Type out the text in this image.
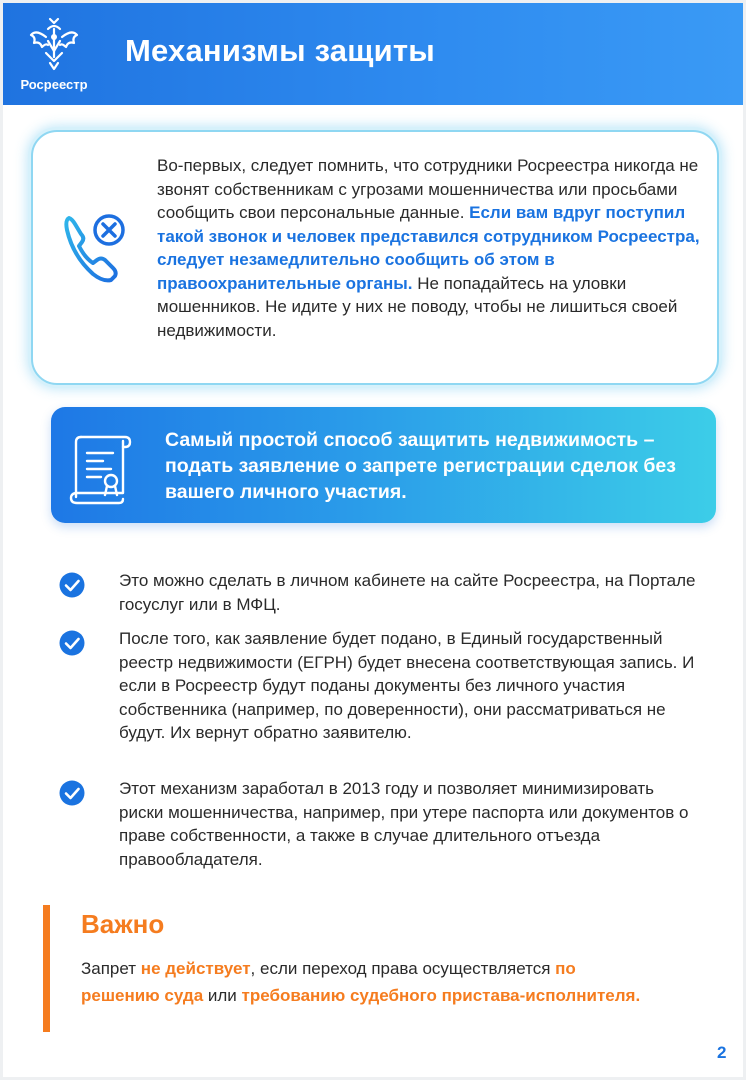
Росреестр
Механизмы защиты
Во-первых, следует помнить, что сотрудники Росреестра никогда не звонят собственникам с угрозами мошенничества или просьбами сообщить свои персональные данные. Если вам вдруг поступил такой звонок и человек представился сотрудником Росреестра, следует незамедлительно сообщить об этом в правоохранительные органы. Не попадайтесь на уловки мошенников. Не идите у них не поводу, чтобы не лишиться своей недвижимости.
Самый простой способ защитить недвижимость – подать заявление о запрете регистрации сделок без вашего личного участия.
Это можно сделать в личном кабинете на сайте Росреестра, на Портале госуслуг или в МФЦ.
После того, как заявление будет подано, в Единый государственный реестр недвижимости (ЕГРН) будет внесена соответствующая запись. И если в Росреестр будут поданы документы без личного участия собственника (например, по доверенности), они рассматриваться не будут. Их вернут обратно заявителю.
Этот механизм заработал в 2013 году и позволяет минимизировать риски мошенничества, например, при утере паспорта или документов о праве собственности, а также в случае длительного отъезда правообладателя.
Важно
Запрет не действует, если переход права осуществляется по решению суда или требованию судебного пристава-исполнителя.
2
